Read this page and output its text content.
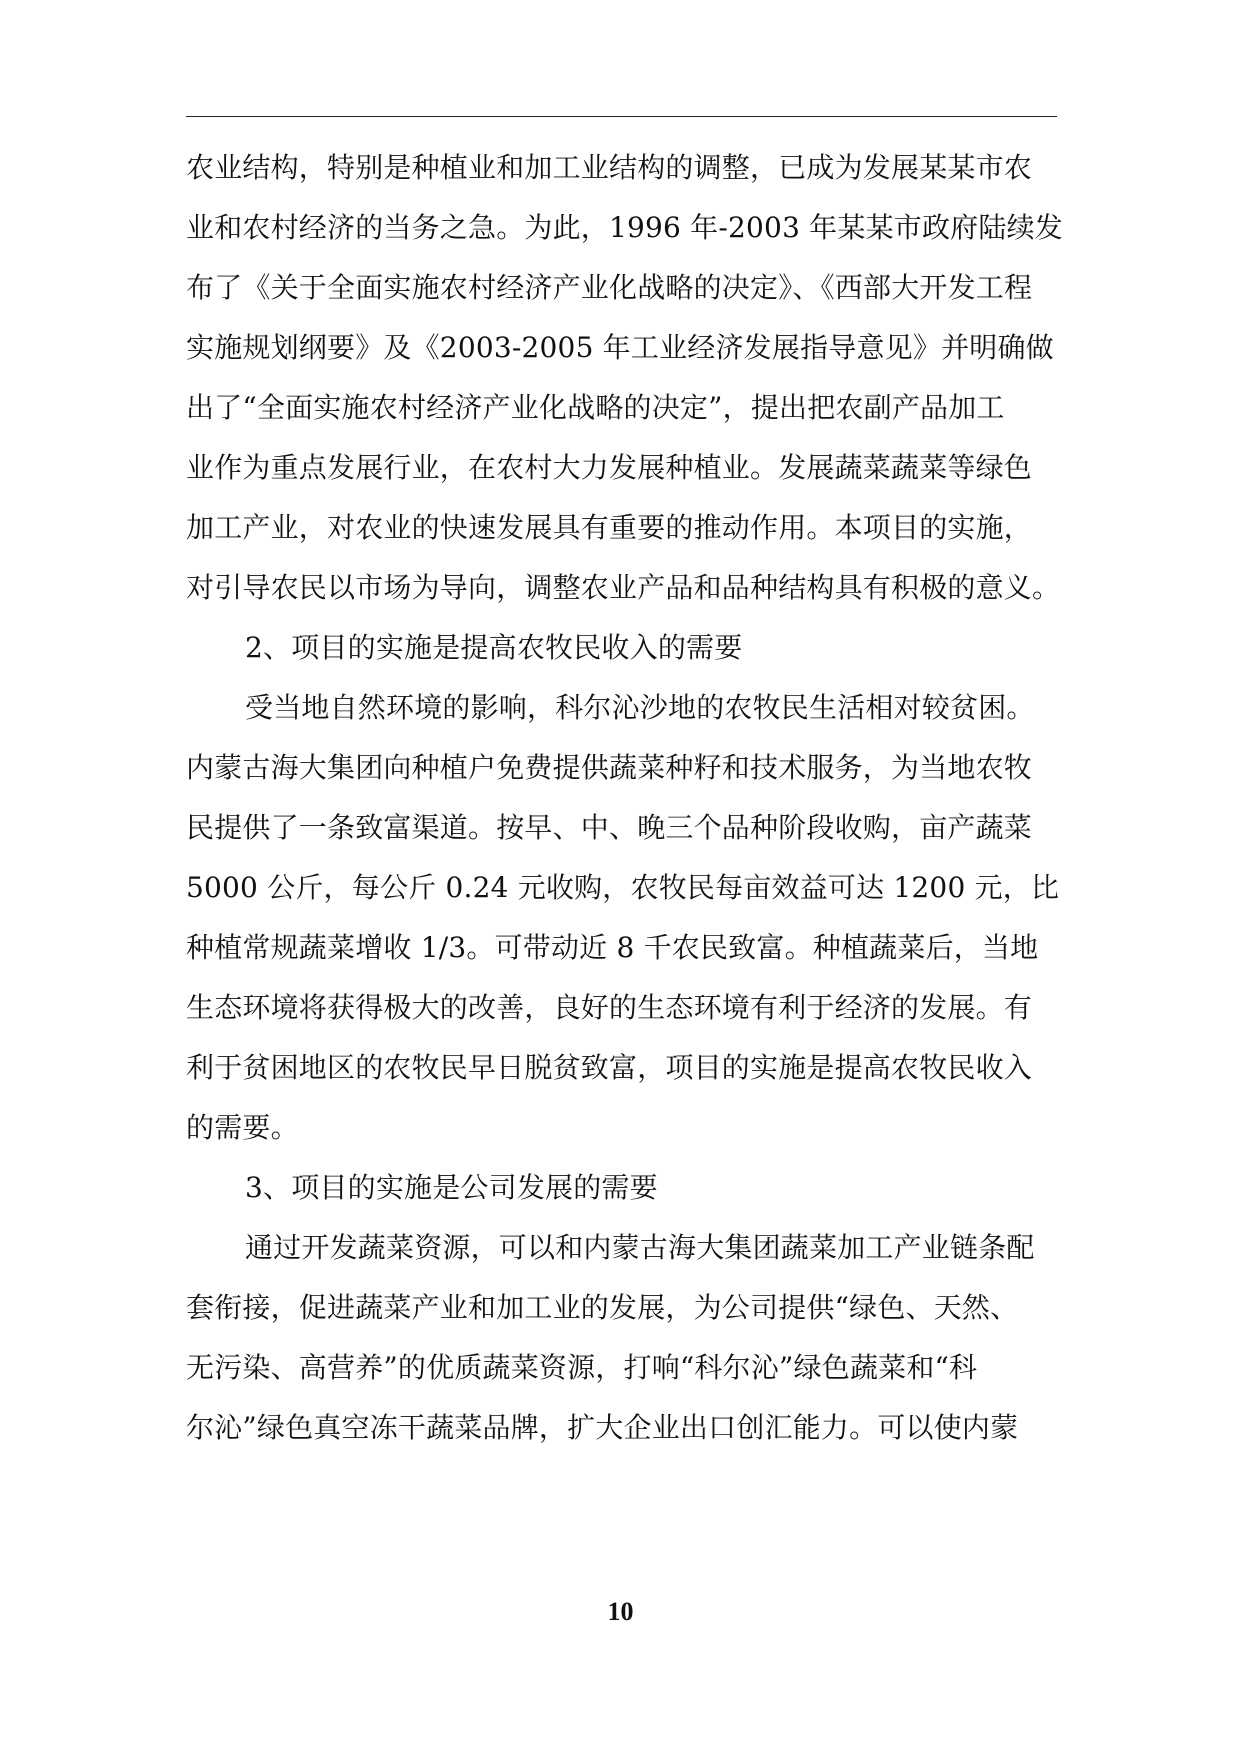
农业结构，特别是种植业和加工业结构的调整，已成为发展某某市农
业和农村经济的当务之急。为此，1996 年-2003 年某某市政府陆续发
布了《关于全面实施农村经济产业化战略的决定》、《西部大开发工程
实施规划纲要》及《2003-2005 年工业经济发展指导意见》并明确做
出了“全面实施农村经济产业化战略的决定”，提出把农副产品加工
业作为重点发展行业，在农村大力发展种植业。发展蔬菜蔬菜等绿色
加工产业，对农业的快速发展具有重要的推动作用。本项目的实施，
对引导农民以市场为导向，调整农业产品和品种结构具有积极的意义。
2、项目的实施是提高农牧民收入的需要
受当地自然环境的影响，科尔沁沙地的农牧民生活相对较贫困。
内蒙古海大集团向种植户免费提供蔬菜种籽和技术服务，为当地农牧
民提供了一条致富渠道。按早、中、晚三个品种阶段收购，亩产蔬菜
5000 公斤，每公斤 0.24 元收购，农牧民每亩效益可达 1200 元，比
种植常规蔬菜增收 1/3。可带动近 8 千农民致富。种植蔬菜后，当地
生态环境将获得极大的改善，良好的生态环境有利于经济的发展。有
利于贫困地区的农牧民早日脱贫致富，项目的实施是提高农牧民收入
的需要。
3、项目的实施是公司发展的需要
通过开发蔬菜资源，可以和内蒙古海大集团蔬菜加工产业链条配
套衔接，促进蔬菜产业和加工业的发展，为公司提供“绿色、天然、
无污染、高营养”的优质蔬菜资源，打响“科尔沁”绿色蔬菜和“科
尔沁”绿色真空冻干蔬菜品牌，扩大企业出口创汇能力。可以使内蒙
10
